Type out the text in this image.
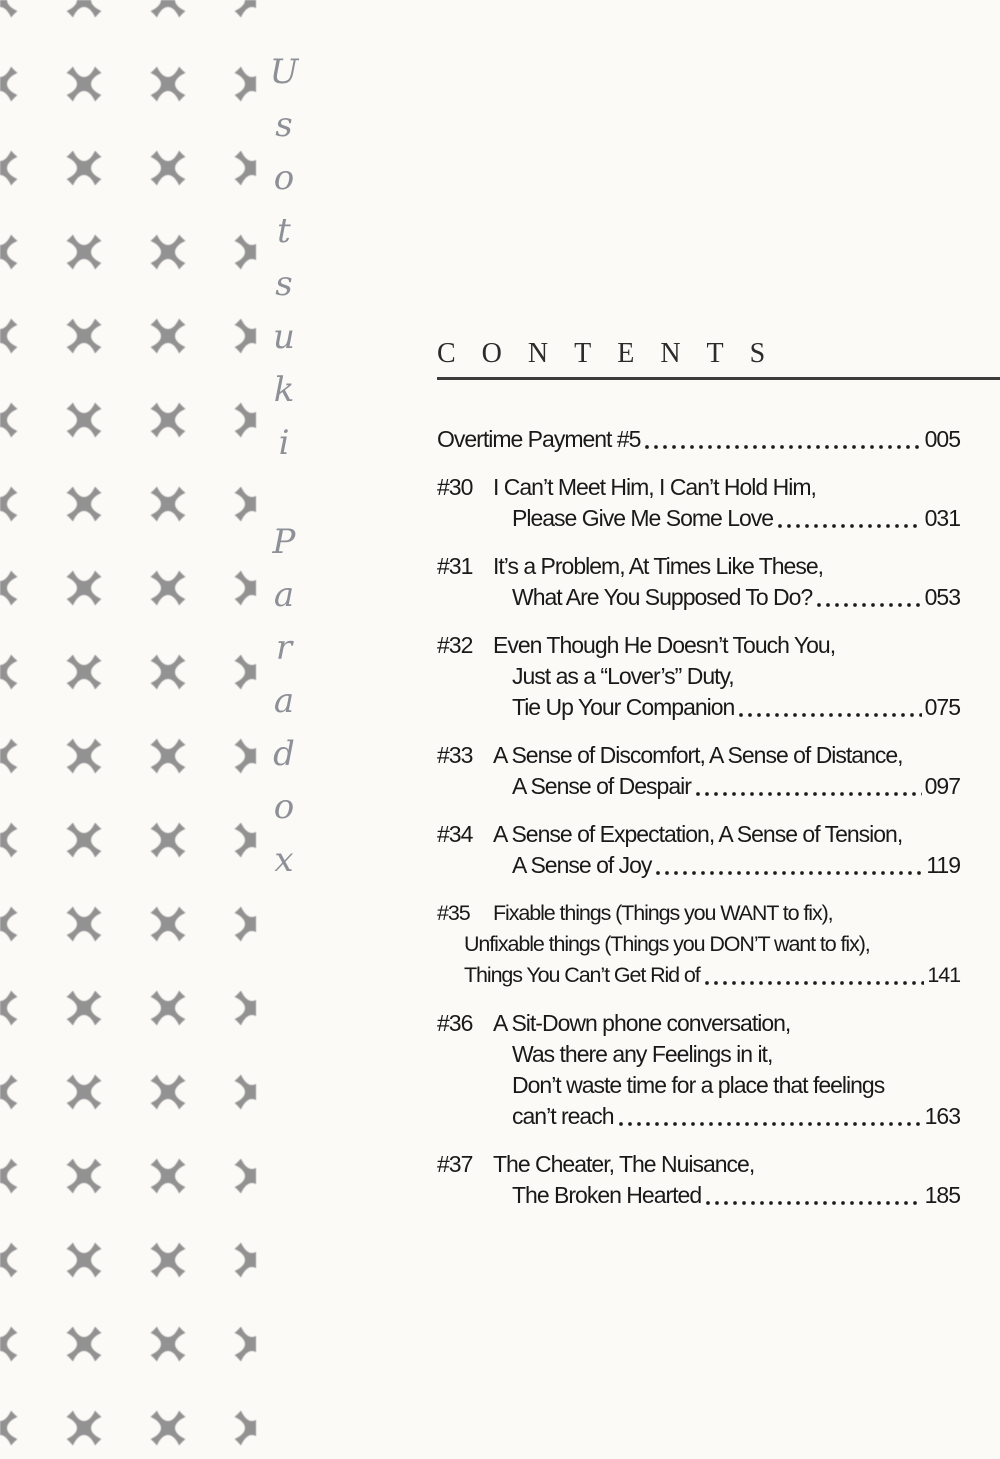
Usotsuki
Paradox
CONTENTS
Overtime Payment #5	005
#30 I Can’t Meet Him, I Can’t Hold Him,
Please Give Me Some Love	031
#31 It’s a Problem, At Times Like These,
What Are You Supposed To Do?	053
#32 Even Though He Doesn’t Touch You,
Just as a “Lover’s” Duty,
Tie Up Your Companion	075
#33 A Sense of Discomfort, A Sense of Distance,
A Sense of Despair	097
#34 A Sense of Expectation, A Sense of Tension,
A Sense of Joy	119
#35	Fixable things (Things you WANT to fix),
Unfixable things (Things you DON’T want to fix),
Things You Can’t Get Rid of	141
#36 A Sit-Down phone conversation,
Was there any Feelings in it,
Don’t waste time for a place that feelings
can’t reach	163
#37 The Cheater, The Nuisance,
The Broken Hearted	185
